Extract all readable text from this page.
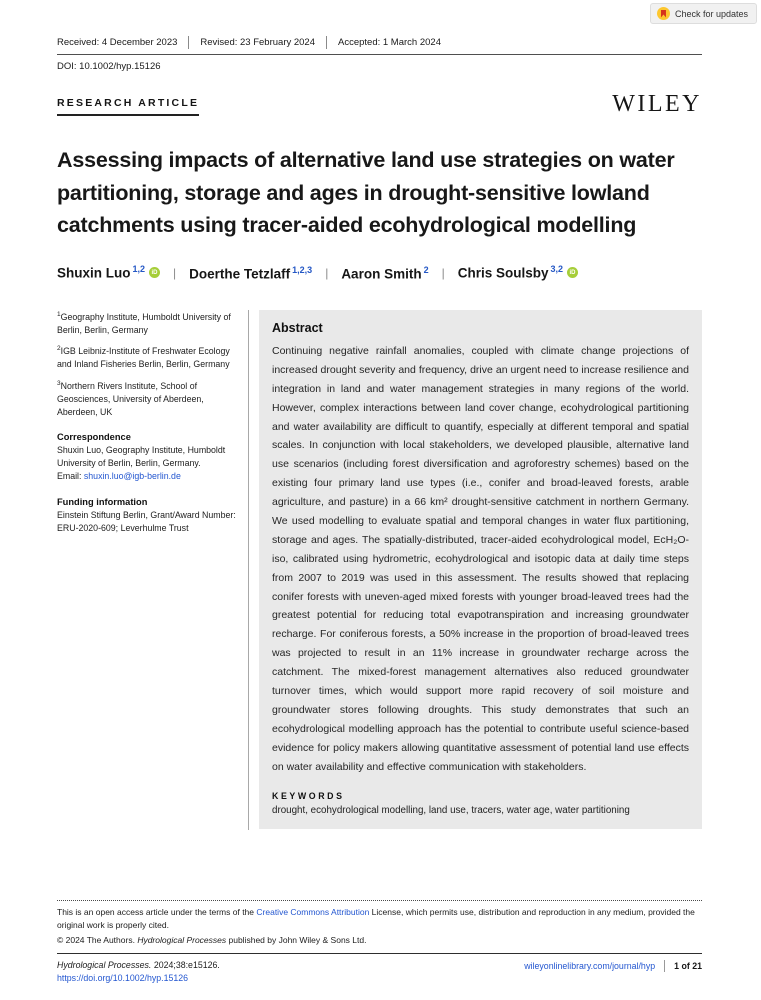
Check for updates
Received: 4 December 2023 Revised: 23 February 2024 Accepted: 1 March 2024
DOI: 10.1002/hyp.15126
RESEARCH ARTICLE	WILEY
Assessing impacts of alternative land use strategies on water partitioning, storage and ages in drought-sensitive lowland catchments using tracer-aided ecohydrological modelling
Shuxin Luo $^{1,2}$ iD | Doerthe Tetzlaff $^{1,2,3}$ | Aaron Smith $^2$ | Chris Soulsby $^{3,2}$ iD
$^1$Geography Institute, Humboldt University of Berlin, Berlin, Germany
$^2$IGB Leibniz-Institute of Freshwater Ecology and Inland Fisheries Berlin, Berlin, Germany
$^3$Northern Rivers Institute, School of Geosciences, University of Aberdeen, Aberdeen, UK
Correspondence
Shuxin Luo, Geography Institute, Humboldt University of Berlin, Berlin, Germany.
Email: shuxin.luo@igb-berlin.de
Funding information
Einstein Stiftung Berlin, Grant/Award Number: ERU-2020-609; Leverhulme Trust
Abstract

Continuing negative rainfall anomalies, coupled with climate change projections of increased drought severity and frequency, drive an urgent need to increase resilience and integration in land and water management strategies in many regions of the world. However, complex interactions between land cover change, ecohydrological partitioning and water availability are difficult to quantify, especially at different temporal and spatial scales. In conjunction with local stakeholders, we developed plausible, alternative land use scenarios (including forest diversification and agroforestry schemes) based on the existing four primary land use types (i.e., conifer and broad-leaved forests, arable agriculture, and pasture) in a 66 km² drought-sensitive catchment in northern Germany. We used modelling to evaluate spatial and temporal changes in water flux partitioning, storage and ages. The spatially-distributed, tracer-aided ecohydrological model, EcH₂O-iso, calibrated using hydrometric, ecohydrological and isotopic data at daily time steps from 2007 to 2019 was used in this assessment. The results showed that replacing conifer forests with uneven-aged mixed forests with younger broad-leaved trees had the greatest potential for reducing total evapotranspiration and increasing groundwater recharge. For coniferous forests, a 50% increase in the proportion of broad-leaved trees was projected to result in an 11% increase in groundwater recharge across the catchment. The mixed-forest management alternatives also reduced groundwater turnover times, which would support more rapid recovery of soil moisture and groundwater stores following droughts. This study demonstrates that such an ecohydrological modelling approach has the potential to contribute useful science-based evidence for policy makers allowing quantitative assessment of potential land use effects on water availability and effective communication with stakeholders.

KEYWORDS
drought, ecohydrological modelling, land use, tracers, water age, water partitioning
This is an open access article under the terms of the Creative Commons Attribution License, which permits use, distribution and reproduction in any medium, provided the original work is properly cited.
© 2024 The Authors. Hydrological Processes published by John Wiley & Sons Ltd.
Hydrological Processes. 2024;38:e15126.
https://doi.org/10.1002/hyp.15126
wileyonlinelibrary.com/journal/hyp 1 of 21
